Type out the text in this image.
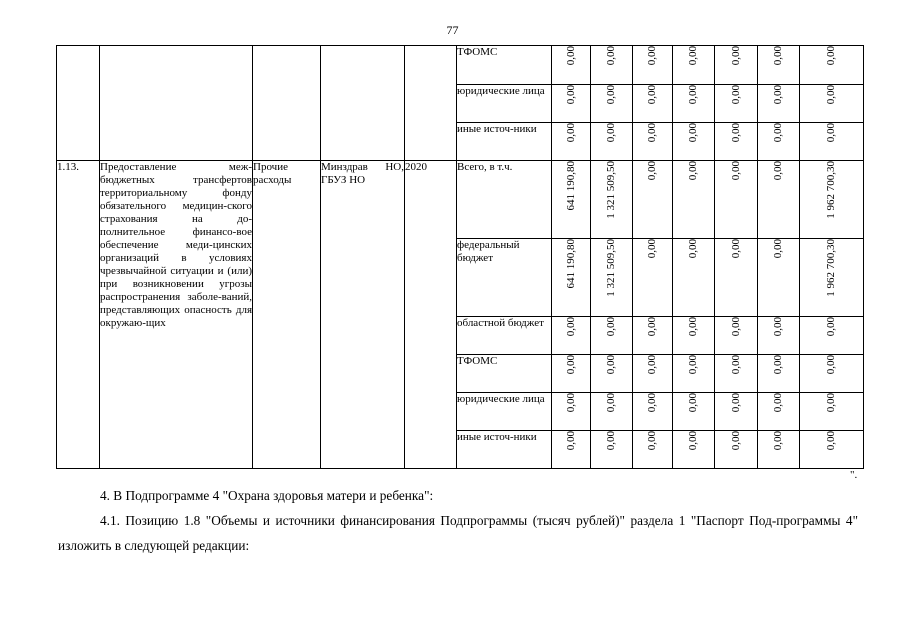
77
					ТФОМС	0,00	0,00	0,00	0,00	0,00	0,00	0,00
					юридические лица	0,00	0,00	0,00	0,00	0,00	0,00	0,00
					иные источ-ники	0,00	0,00	0,00	0,00	0,00	0,00	0,00
1.13.	Предоставление меж-бюджетных трансфертов территориальному фонду обязательного медицин-ского страхования на до-полнительное финансо-вое обеспечение меди-цинских организаций в условиях чрезвычайной ситуации и (или) при возникновении угрозы распространения заболе-ваний, представляющих опасность для окружаю-щих	Прочие расходы	Минздрав НО, ГБУЗ НО	2020	Всего, в т.ч.	641 190,80	1 321 509,50	0,00	0,00	0,00	0,00	1 962 700,30
					федеральный бюджет	641 190,80	1 321 509,50	0,00	0,00	0,00	0,00	1 962 700,30
					областной бюджет	0,00	0,00	0,00	0,00	0,00	0,00	0,00
					ТФОМС	0,00	0,00	0,00	0,00	0,00	0,00	0,00
					юридические лица	0,00	0,00	0,00	0,00	0,00	0,00	0,00
					иные источ-ники	0,00	0,00	0,00	0,00	0,00	0,00	0,00
".
4. В Подпрограмме 4 "Охрана здоровья матери и ребенка":
4.1. Позицию 1.8 "Объемы и источники финансирования Подпрограммы (тысяч рублей)" раздела 1 "Паспорт Под-программы 4" изложить в следующей редакции:
